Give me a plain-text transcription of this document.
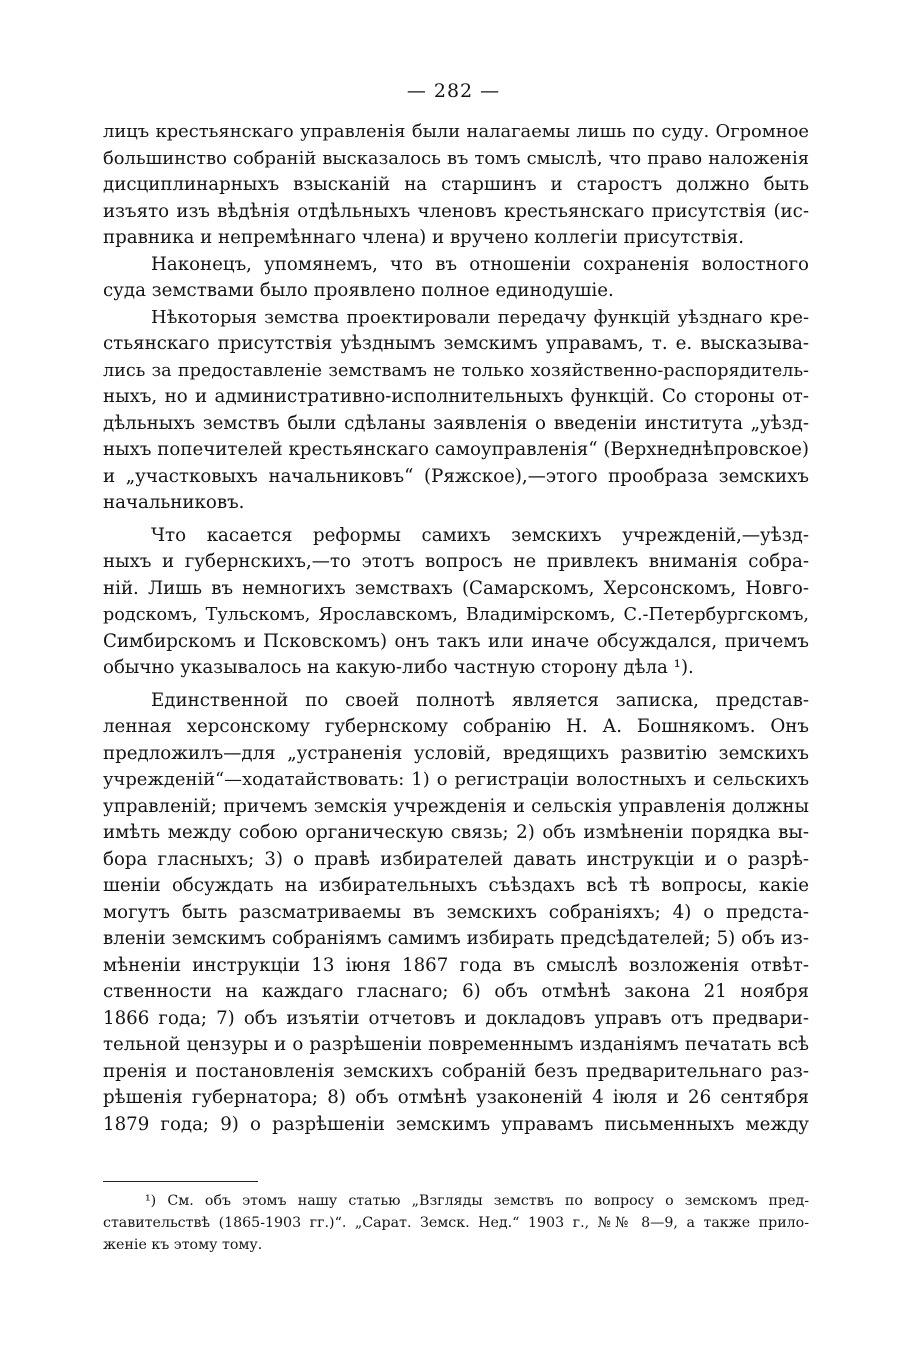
— 282 —
лицъ крестьянскаго управленія были налагаемы лишь по суду. Огромное
большинство собраній высказалось въ томъ смыслѣ, что право наложенія
дисциплинарныхъ взысканій на старшинъ и старостъ должно быть
изъято изъ вѣдѣнія отдѣльныхъ членовъ крестьянскаго присутствія (ис-
правника и непремѣннаго члена) и вручено коллегіи присутствія.
Наконецъ, упомянемъ, что въ отношеніи сохраненія волостного
суда земствами было проявлено полное единодушіе.
Нѣкоторыя земства проектировали передачу функцій уѣзднаго кре-
стьянскаго присутствія уѣзднымъ земскимъ управамъ, т. е. высказыва-
лись за предоставленіе земствамъ не только хозяйственно-распорядитель-
ныхъ, но и административно-исполнительныхъ функцій. Со стороны от-
дѣльныхъ земствъ были сдѣланы заявленія о введеніи института „уѣзд-
ныхъ попечителей крестьянскаго самоуправленія“ (Верхнеднѣпровское)
и „участковыхъ начальниковъ“ (Ряжское),—этого прообраза земскихъ
начальниковъ.
Что касается реформы самихъ земскихъ учрежденій,—уѣзд-
ныхъ и губернскихъ,—то этотъ вопросъ не привлекъ вниманія собра-
ній. Лишь въ немногихъ земствахъ (Самарскомъ, Херсонскомъ, Новго-
родскомъ, Тульскомъ, Ярославскомъ, Владимірскомъ, С.-Петербургскомъ,
Симбирскомъ и Псковскомъ) онъ такъ или иначе обсуждался, причемъ
обычно указывалось на какую-либо частную сторону дѣла ¹).
Единственной по своей полнотѣ является записка, представ-
ленная херсонскому губернскому собранію Н. А. Бошнякомъ. Онъ
предложилъ—для „устраненія условій, вредящихъ развитію земскихъ
учрежденій“—ходатайствовать: 1) о регистраціи волостныхъ и сельскихъ
управленій; причемъ земскія учрежденія и сельскія управленія должны
имѣть между собою органическую связь; 2) объ измѣненіи порядка вы-
бора гласныхъ; 3) о правѣ избирателей давать инструкціи и о разрѣ-
шеніи обсуждать на избирательныхъ съѣздахъ всѣ тѣ вопросы, какіе
могутъ быть разсматриваемы въ земскихъ собраніяхъ; 4) о предста-
вленіи земскимъ собраніямъ самимъ избирать предсѣдателей; 5) объ из-
мѣненіи инструкціи 13 іюня 1867 года въ смыслѣ возложенія отвѣт-
ственности на каждаго гласнаго; 6) объ отмѣнѣ закона 21 ноября
1866 года; 7) объ изъятіи отчетовъ и докладовъ управъ отъ предвари-
тельной цензуры и о разрѣшеніи повременнымъ изданіямъ печатать всѣ
пренія и постановленія земскихъ собраній безъ предварительнаго раз-
рѣшенія губернатора; 8) объ отмѣнѣ узаконеній 4 іюля и 26 сентября
1879 года; 9) о разрѣшеніи земскимъ управамъ письменныхъ между
¹) См. объ этомъ нашу статью „Взгляды земствъ по вопросу о земскомъ пред-
ставительствѣ (1865-1903 гг.)“. „Сарат. Земск. Нед.“ 1903 г., №№ 8—9, а также прило-
женіе къ этому тому.
